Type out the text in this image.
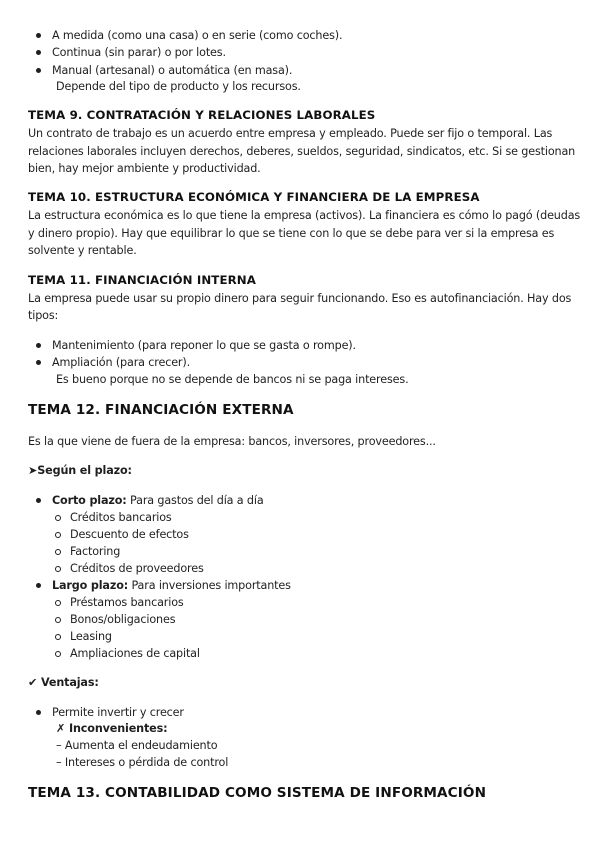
A medida (como una casa) o en serie (como coches).
Continua (sin parar) o por lotes.
Manual (artesanal) o automática (en masa).
Depende del tipo de producto y los recursos.
TEMA 9. CONTRATACIÓN Y RELACIONES LABORALES
Un contrato de trabajo es un acuerdo entre empresa y empleado. Puede ser fijo o temporal. Las
relaciones laborales incluyen derechos, deberes, sueldos, seguridad, sindicatos, etc. Si se gestionan
bien, hay mejor ambiente y productividad.
TEMA 10. ESTRUCTURA ECONÓMICA Y FINANCIERA DE LA EMPRESA
La estructura económica es lo que tiene la empresa (activos). La financiera es cómo lo pagó (deudas
y dinero propio). Hay que equilibrar lo que se tiene con lo que se debe para ver si la empresa es
solvente y rentable.
TEMA 11. FINANCIACIÓN INTERNA
La empresa puede usar su propio dinero para seguir funcionando. Eso es autofinanciación. Hay dos
tipos:
Mantenimiento (para reponer lo que se gasta o rompe).
Ampliación (para crecer).
Es bueno porque no se depende de bancos ni se paga intereses.
TEMA 12. FINANCIACIÓN EXTERNA
Es la que viene de fuera de la empresa: bancos, inversores, proveedores...
➤Según el plazo:
Corto plazo: Para gastos del día a día
Créditos bancarios
Descuento de efectos
Factoring
Créditos de proveedores
Largo plazo: Para inversiones importantes
Préstamos bancarios
Bonos/obligaciones
Leasing
Ampliaciones de capital
✔ Ventajas:
Permite invertir y crecer
✗ Inconvenientes:
– Aumenta el endeudamiento
– Intereses o pérdida de control
TEMA 13. CONTABILIDAD COMO SISTEMA DE INFORMACIÓN
